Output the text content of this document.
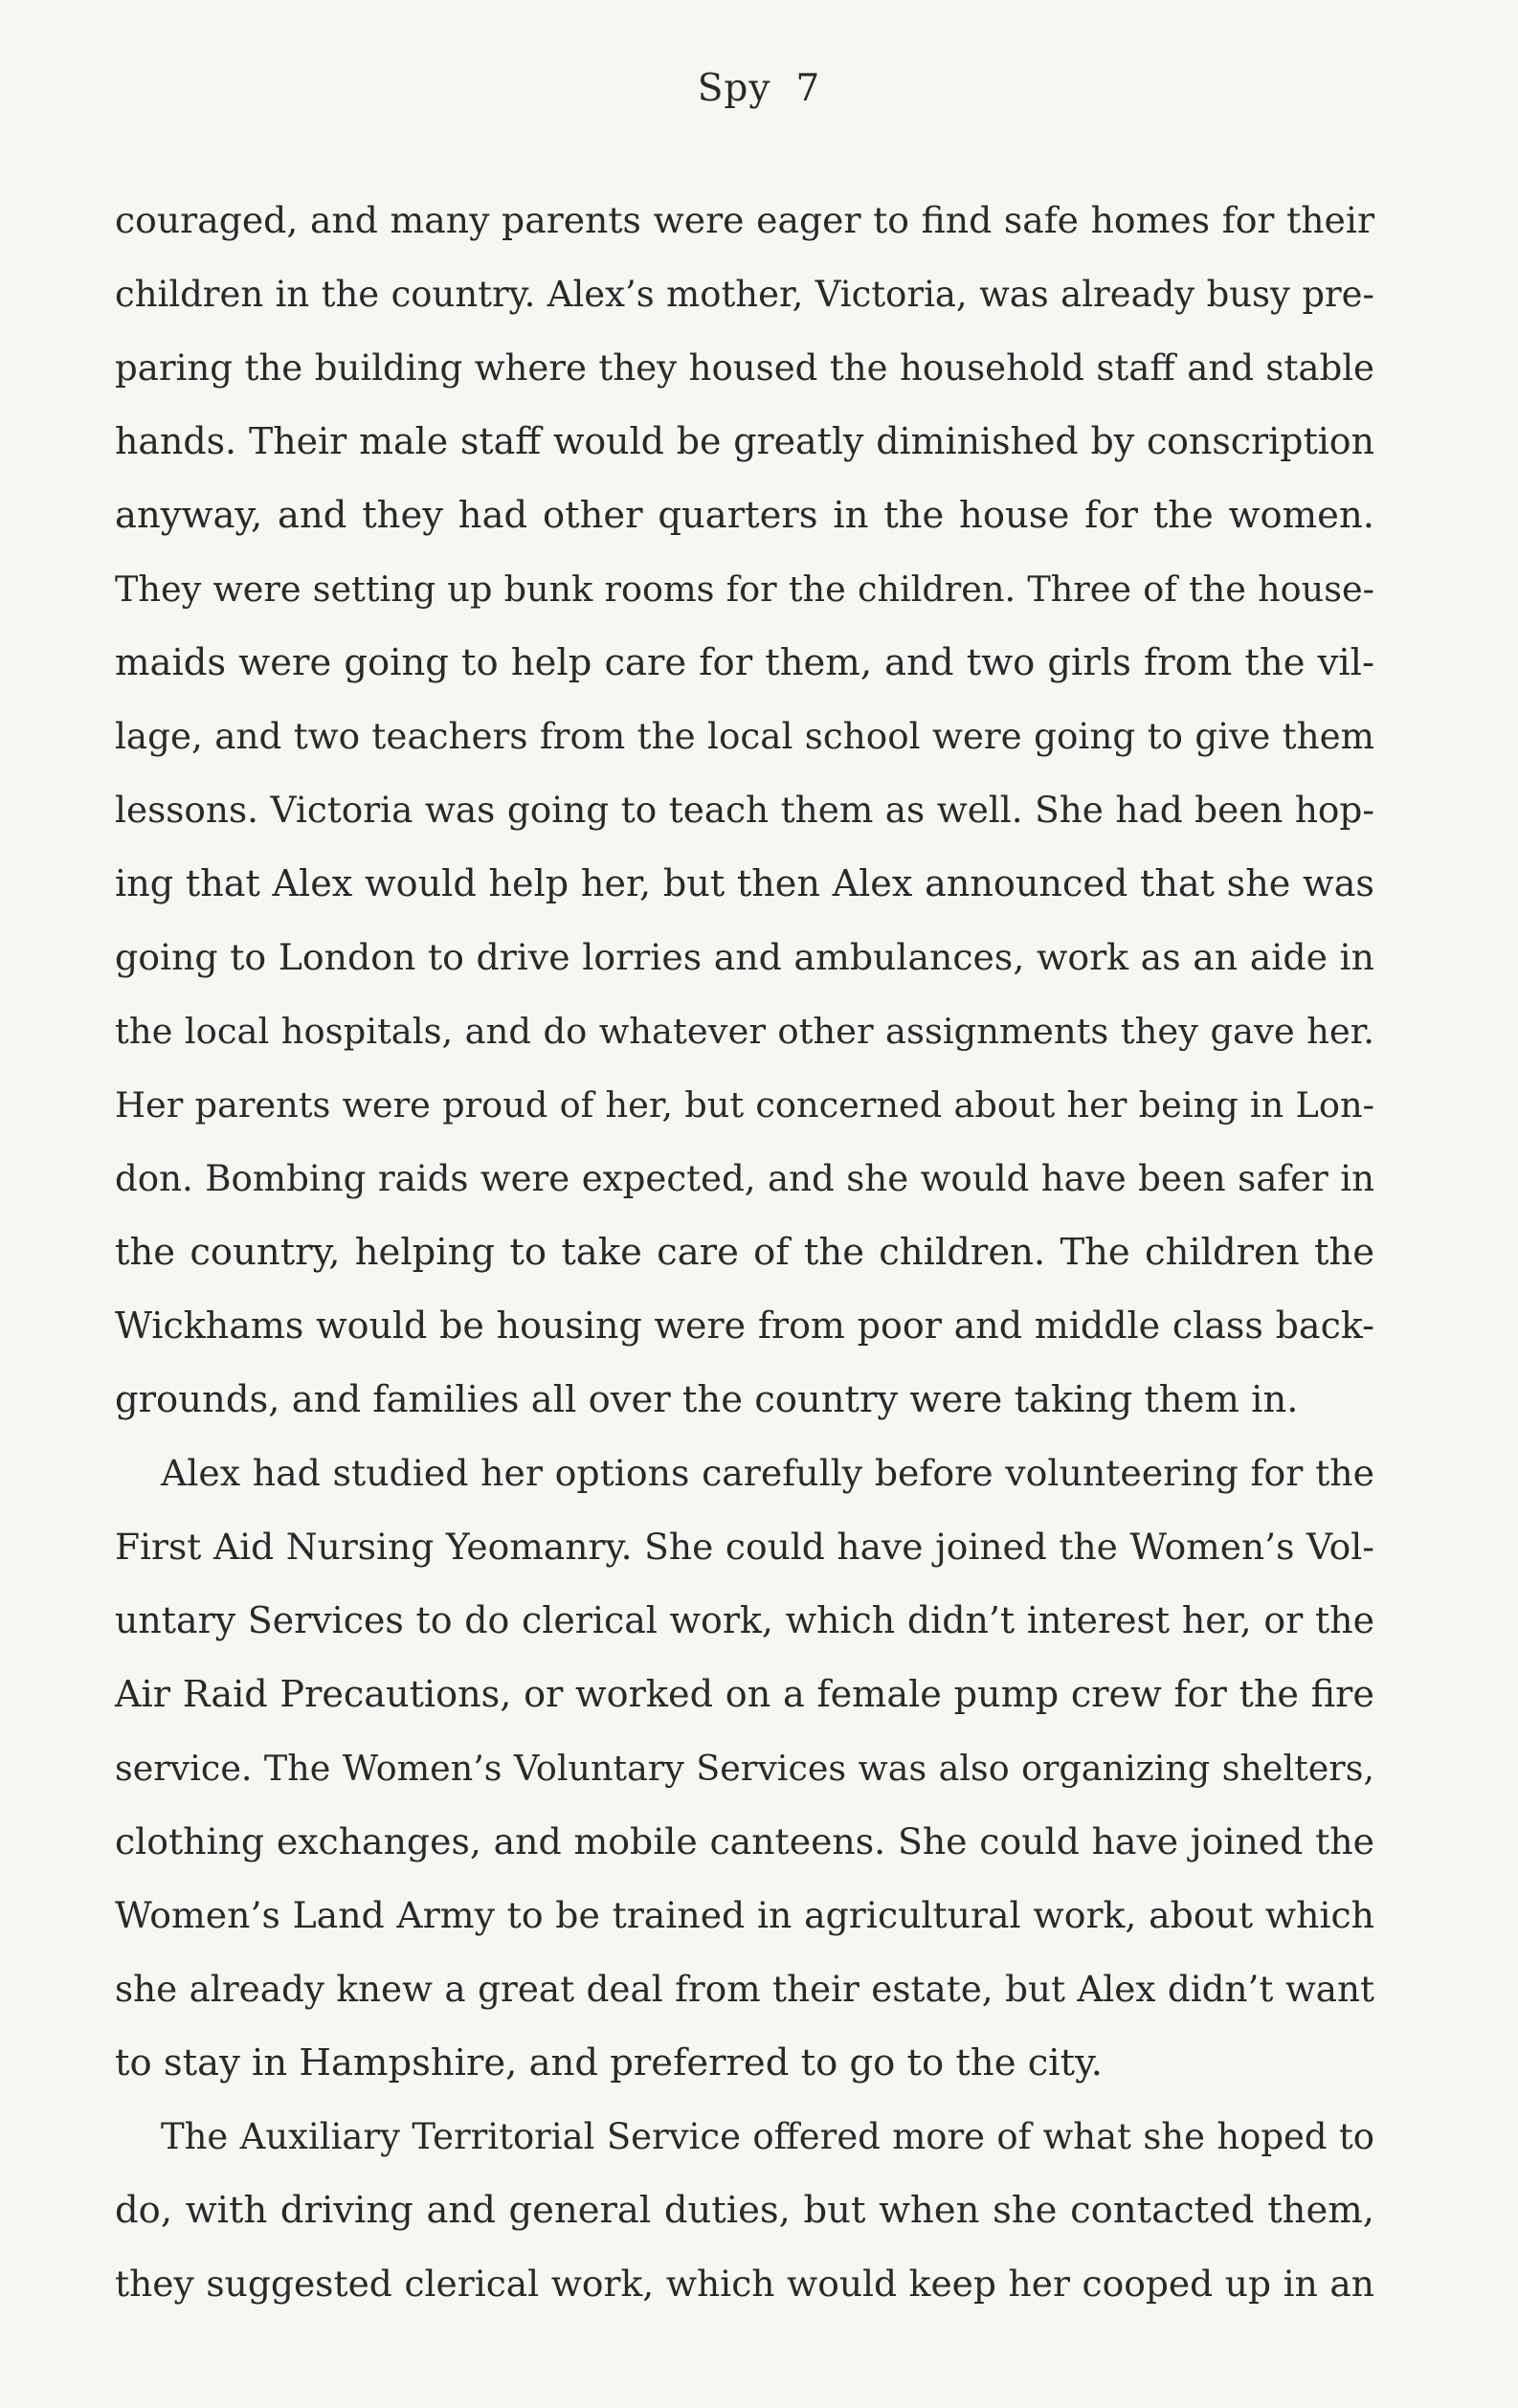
Spy 7
couraged, and many parents were eager to find safe homes for their
children in the country. Alex’s mother, Victoria, was already busy pre-
paring the building where they housed the household staff and stable
hands. Their male staff would be greatly diminished by conscription
anyway, and they had other quarters in the house for the women.
They were setting up bunk rooms for the children. Three of the house-
maids were going to help care for them, and two girls from the vil-
lage, and two teachers from the local school were going to give them
lessons. Victoria was going to teach them as well. She had been hop-
ing that Alex would help her, but then Alex announced that she was
going to London to drive lorries and ambulances, work as an aide in
the local hospitals, and do whatever other assignments they gave her.
Her parents were proud of her, but concerned about her being in Lon-
don. Bombing raids were expected, and she would have been safer in
the country, helping to take care of the children. The children the
Wickhams would be housing were from poor and middle class back-
grounds, and families all over the country were taking them in.
Alex had studied her options carefully before volunteering for the
First Aid Nursing Yeomanry. She could have joined the Women’s Vol-
untary Services to do clerical work, which didn’t interest her, or the
Air Raid Precautions, or worked on a female pump crew for the fire
service. The Women’s Voluntary Services was also organizing shelters,
clothing exchanges, and mobile canteens. She could have joined the
Women’s Land Army to be trained in agricultural work, about which
she already knew a great deal from their estate, but Alex didn’t want
to stay in Hampshire, and preferred to go to the city.
The Auxiliary Territorial Service offered more of what she hoped to
do, with driving and general duties, but when she contacted them,
they suggested clerical work, which would keep her cooped up in an
